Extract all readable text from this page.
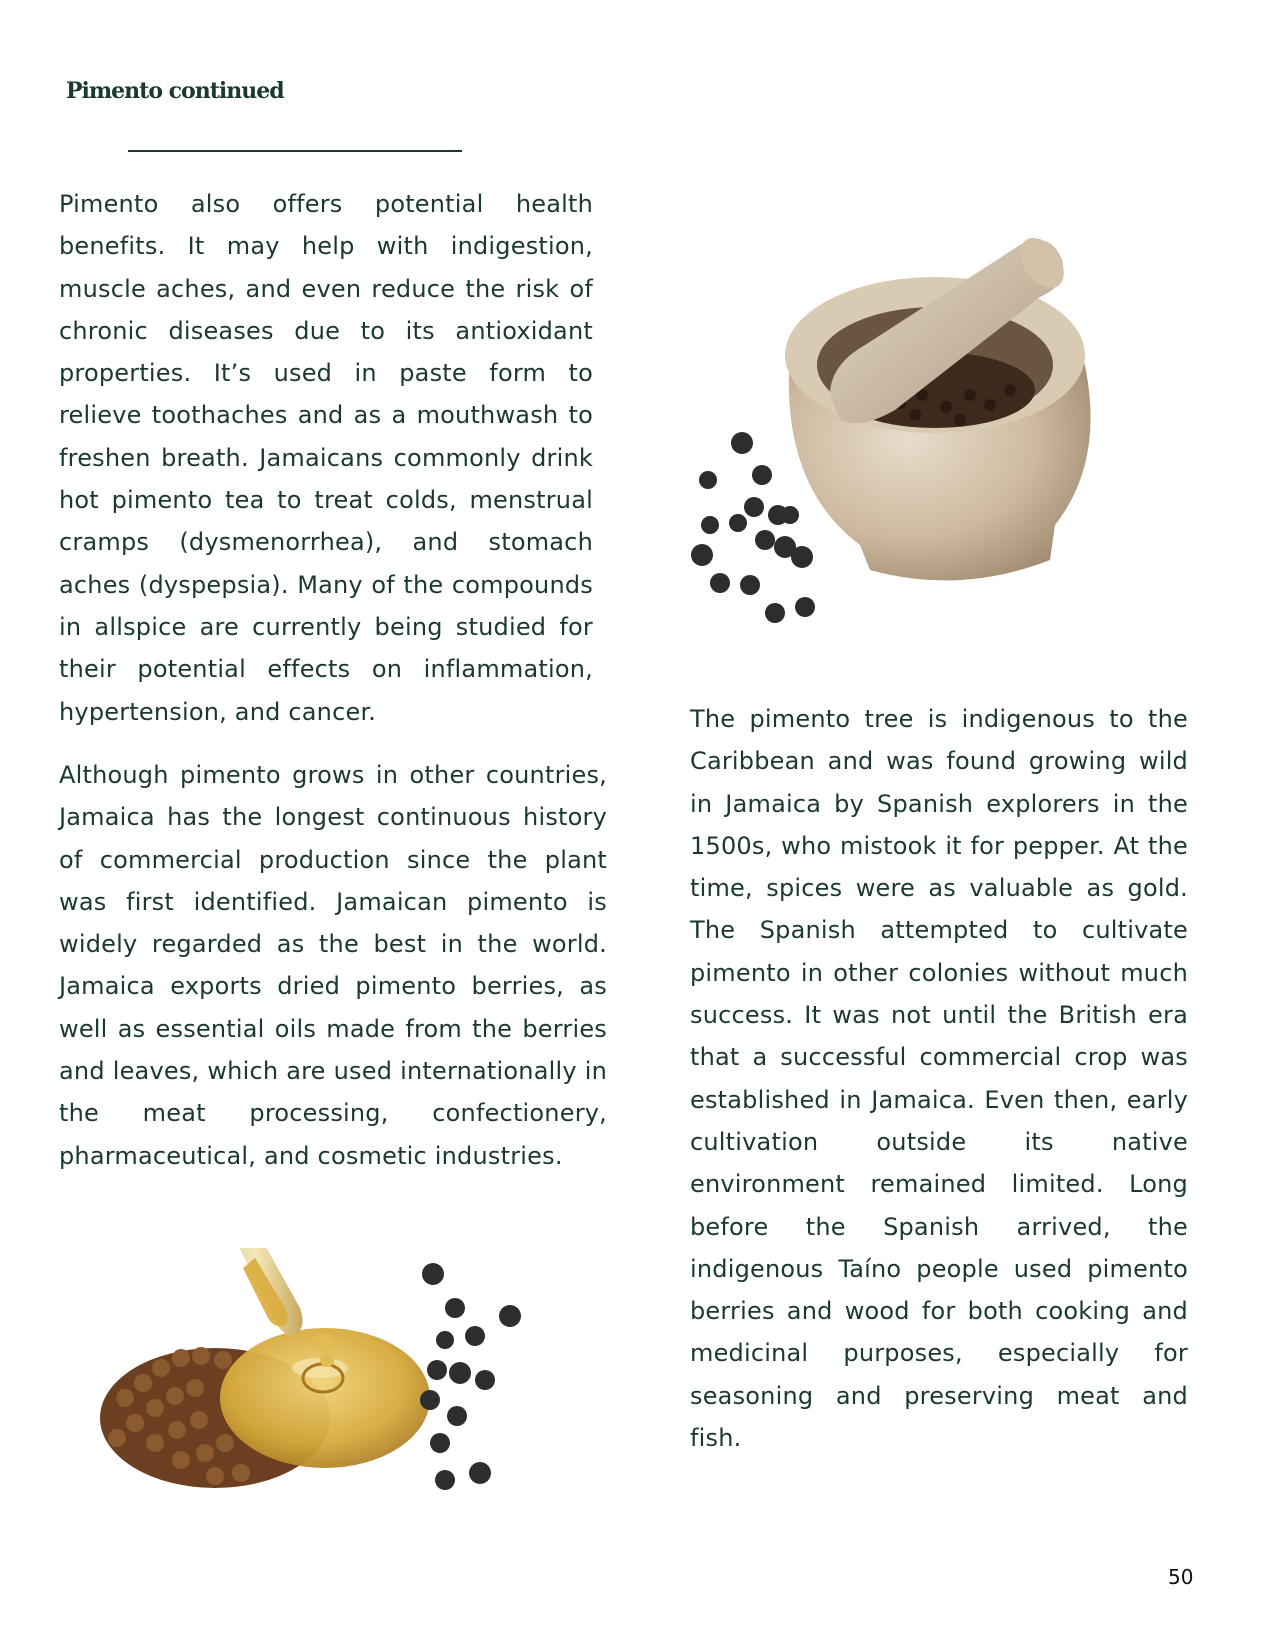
Pimento continued

Pimento also offers potential health benefits. It may help with indigestion, muscle aches, and even reduce the risk of chronic diseases due to its antioxidant properties. It’s used in paste form to relieve toothaches and as a mouthwash to freshen breath. Jamaicans commonly drink hot pimento tea to treat colds, menstrual cramps (dysmenorrhea), and stomach aches (dyspepsia). Many of the compounds in allspice are currently being studied for their potential effects on inflammation, hypertension, and cancer.

Although pimento grows in other countries, Jamaica has the longest continuous history of commercial production since the plant was first identified. Jamaican pimento is widely regarded as the best in the world. Jamaica exports dried pimento berries, as well as essential oils made from the berries and leaves, which are used internationally in the meat processing, confectionery, pharmaceutical, and cosmetic industries.

The pimento tree is indigenous to the Caribbean and was found growing wild in Jamaica by Spanish explorers in the 1500s, who mistook it for pepper. At the time, spices were as valuable as gold. The Spanish attempted to cultivate pimento in other colonies without much success. It was not until the British era that a successful commercial crop was established in Jamaica. Even then, early cultivation outside its native environment remained limited. Long before the Spanish arrived, the indigenous Taíno people used pimento berries and wood for both cooking and medicinal purposes, especially for seasoning and preserving meat and fish.

50
